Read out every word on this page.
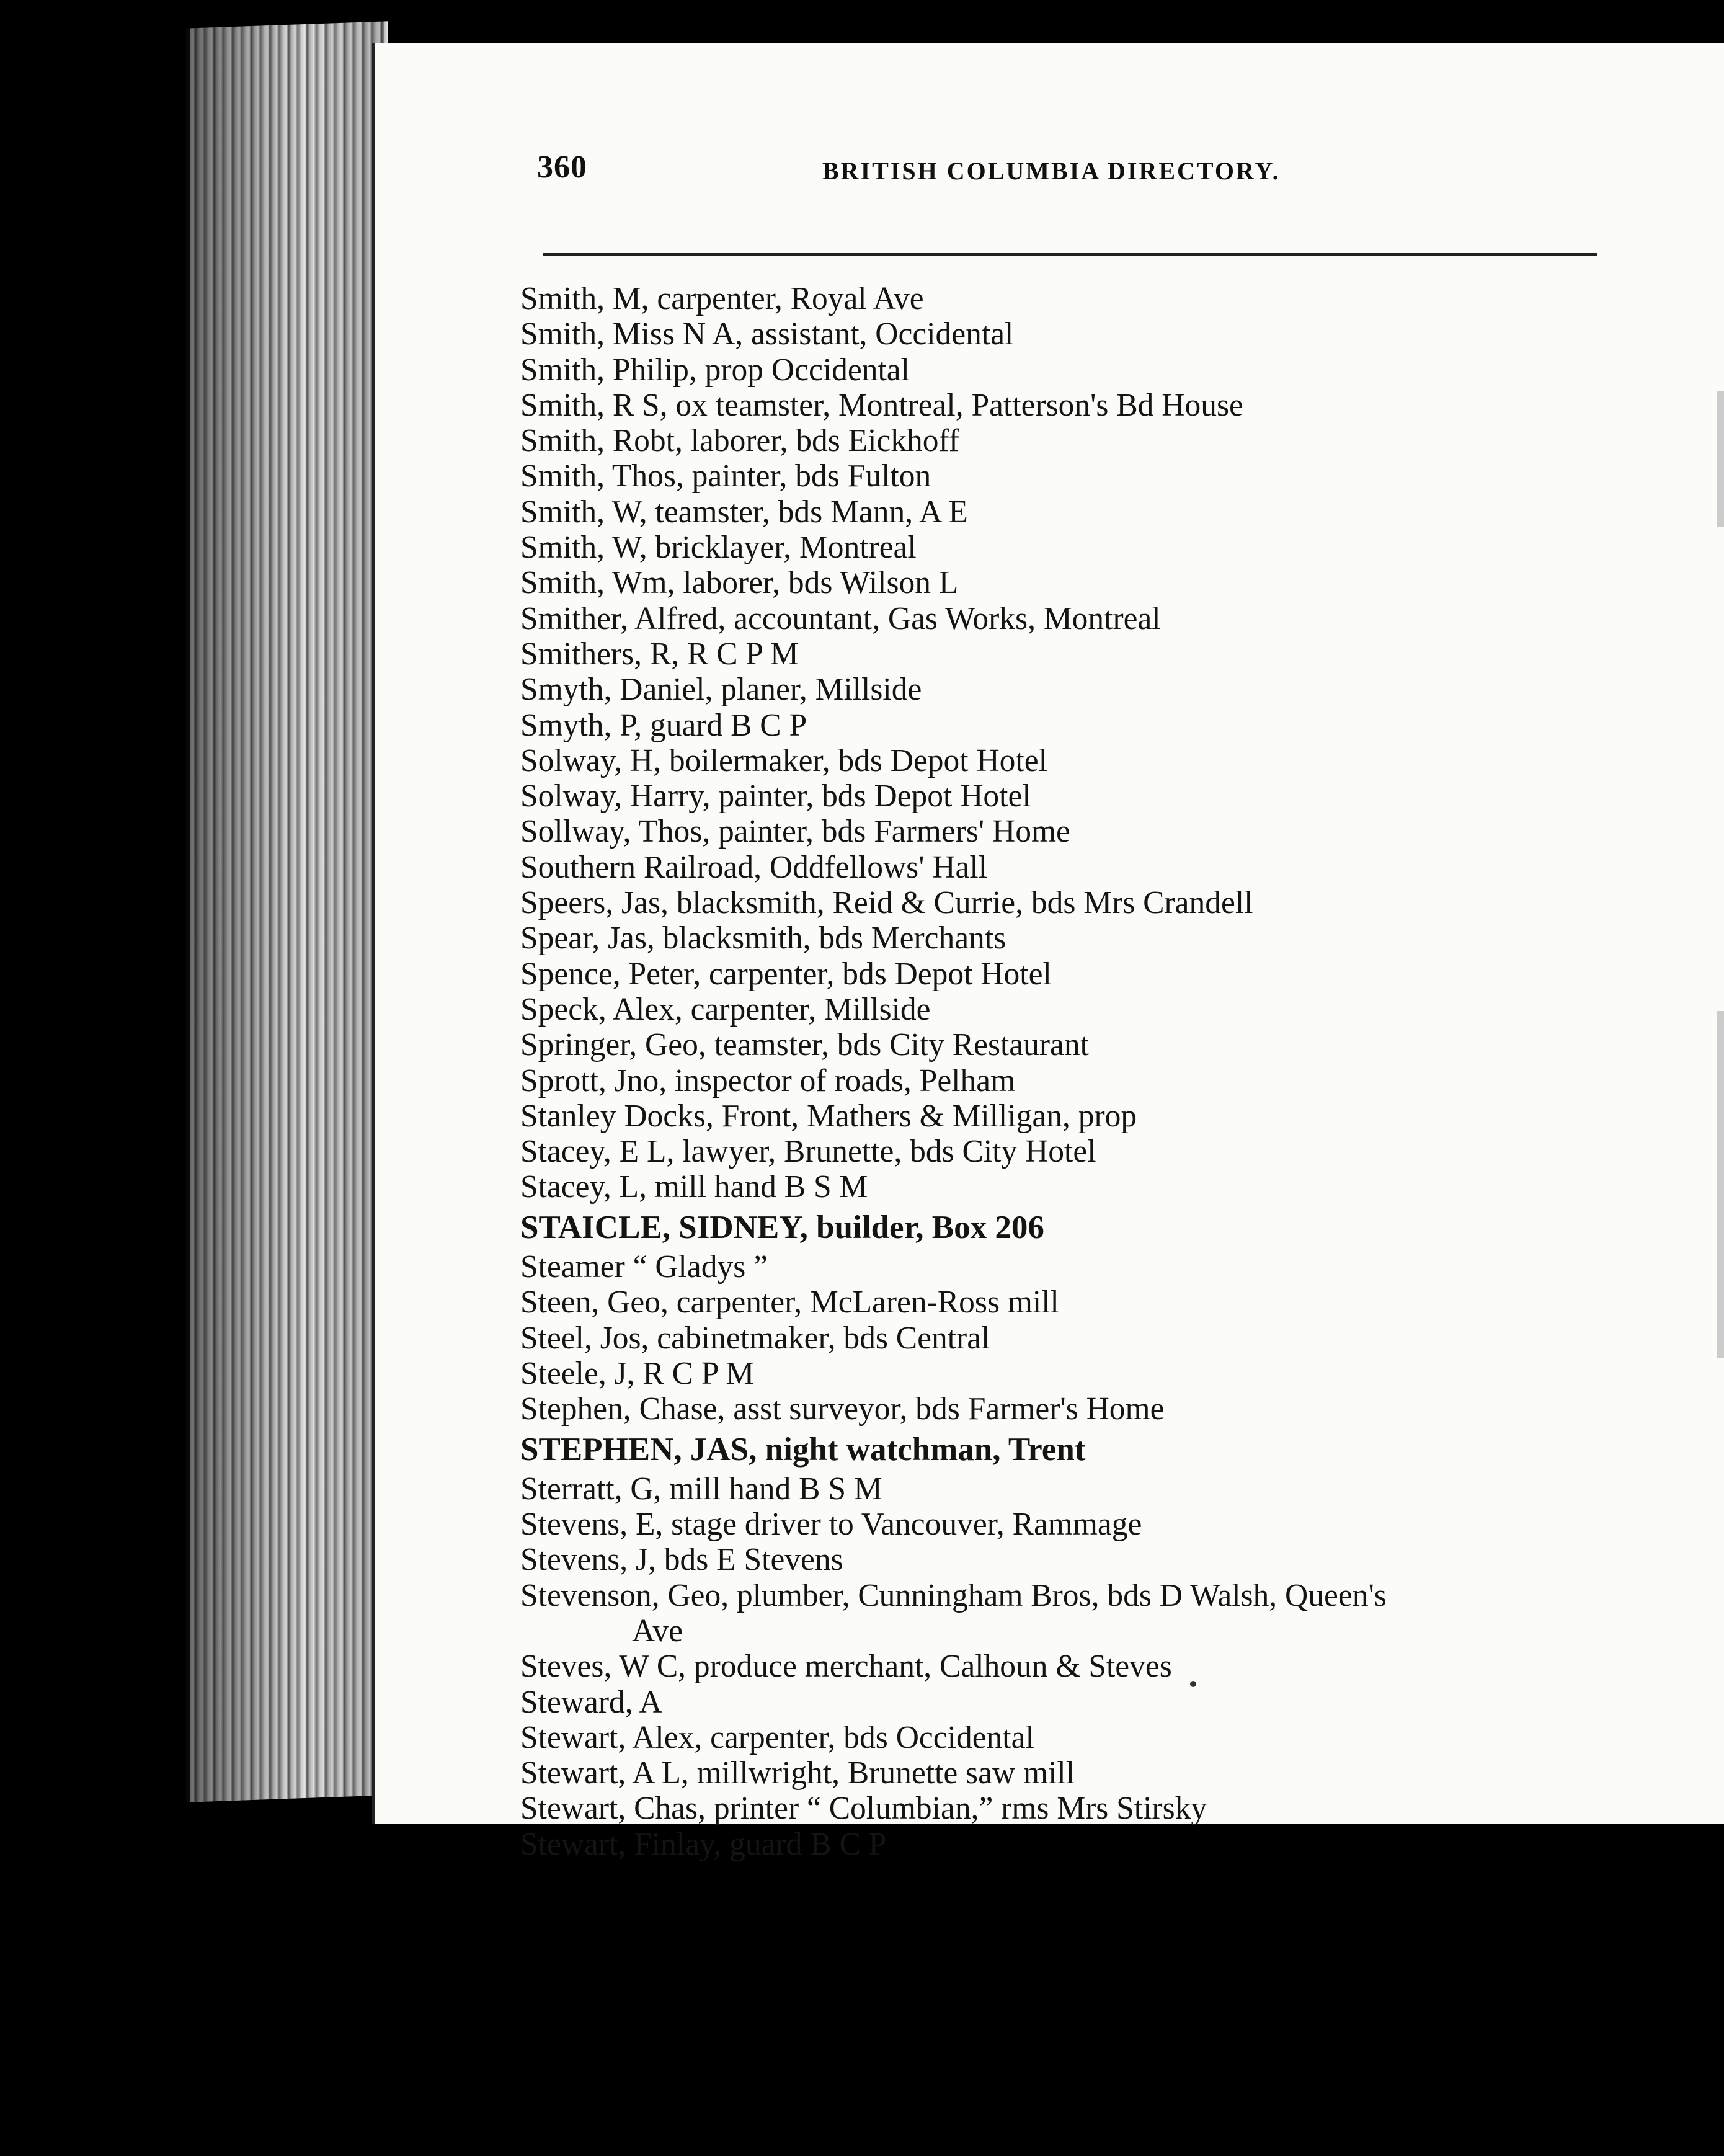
360	BRITISH COLUMBIA DIRECTORY.
Smith, M, carpenter, Royal Ave
Smith, Miss N A, assistant, Occidental
Smith, Philip, prop Occidental
Smith, R S, ox teamster, Montreal, Patterson's Bd House
Smith, Robt, laborer, bds Eickhoff
Smith, Thos, painter, bds Fulton
Smith, W, teamster, bds Mann, A E
Smith, W, bricklayer, Montreal
Smith, Wm, laborer, bds Wilson L
Smither, Alfred, accountant, Gas Works, Montreal
Smithers, R, R C P M
Smyth, Daniel, planer, Millside
Smyth, P, guard B C P
Solway, H, boilermaker, bds Depot Hotel
Solway, Harry, painter, bds Depot Hotel
Sollway, Thos, painter, bds Farmers' Home
Southern Railroad, Oddfellows' Hall
Speers, Jas, blacksmith, Reid & Currie, bds Mrs Crandell
Spear, Jas, blacksmith, bds Merchants
Spence, Peter, carpenter, bds Depot Hotel
Speck, Alex, carpenter, Millside
Springer, Geo, teamster, bds City Restaurant
Sprott, Jno, inspector of roads, Pelham
Stanley Docks, Front, Mathers & Milligan, prop
Stacey, E L, lawyer, Brunette, bds City Hotel
Stacey, L, mill hand B S M
STAICLE, SIDNEY, builder, Box 206
Steamer “ Gladys ”
Steen, Geo, carpenter, McLaren-Ross mill
Steel, Jos, cabinetmaker, bds Central
Steele, J, R C P M
Stephen, Chase, asst surveyor, bds Farmer's Home
STEPHEN, JAS, night watchman, Trent
Sterratt, G, mill hand B S M
Stevens, E, stage driver to Vancouver, Rammage
Stevens, J, bds E Stevens
Stevenson, Geo, plumber, Cunningham Bros, bds D Walsh, Queen's
Ave
Steves, W C, produce merchant, Calhoun & Steves
Steward, A
Stewart, Alex, carpenter, bds Occidental
Stewart, A L, millwright, Brunette saw mill
Stewart, Chas, printer “ Columbian,” rms Mrs Stirsky
Stewart, Finlay, guard B C P
